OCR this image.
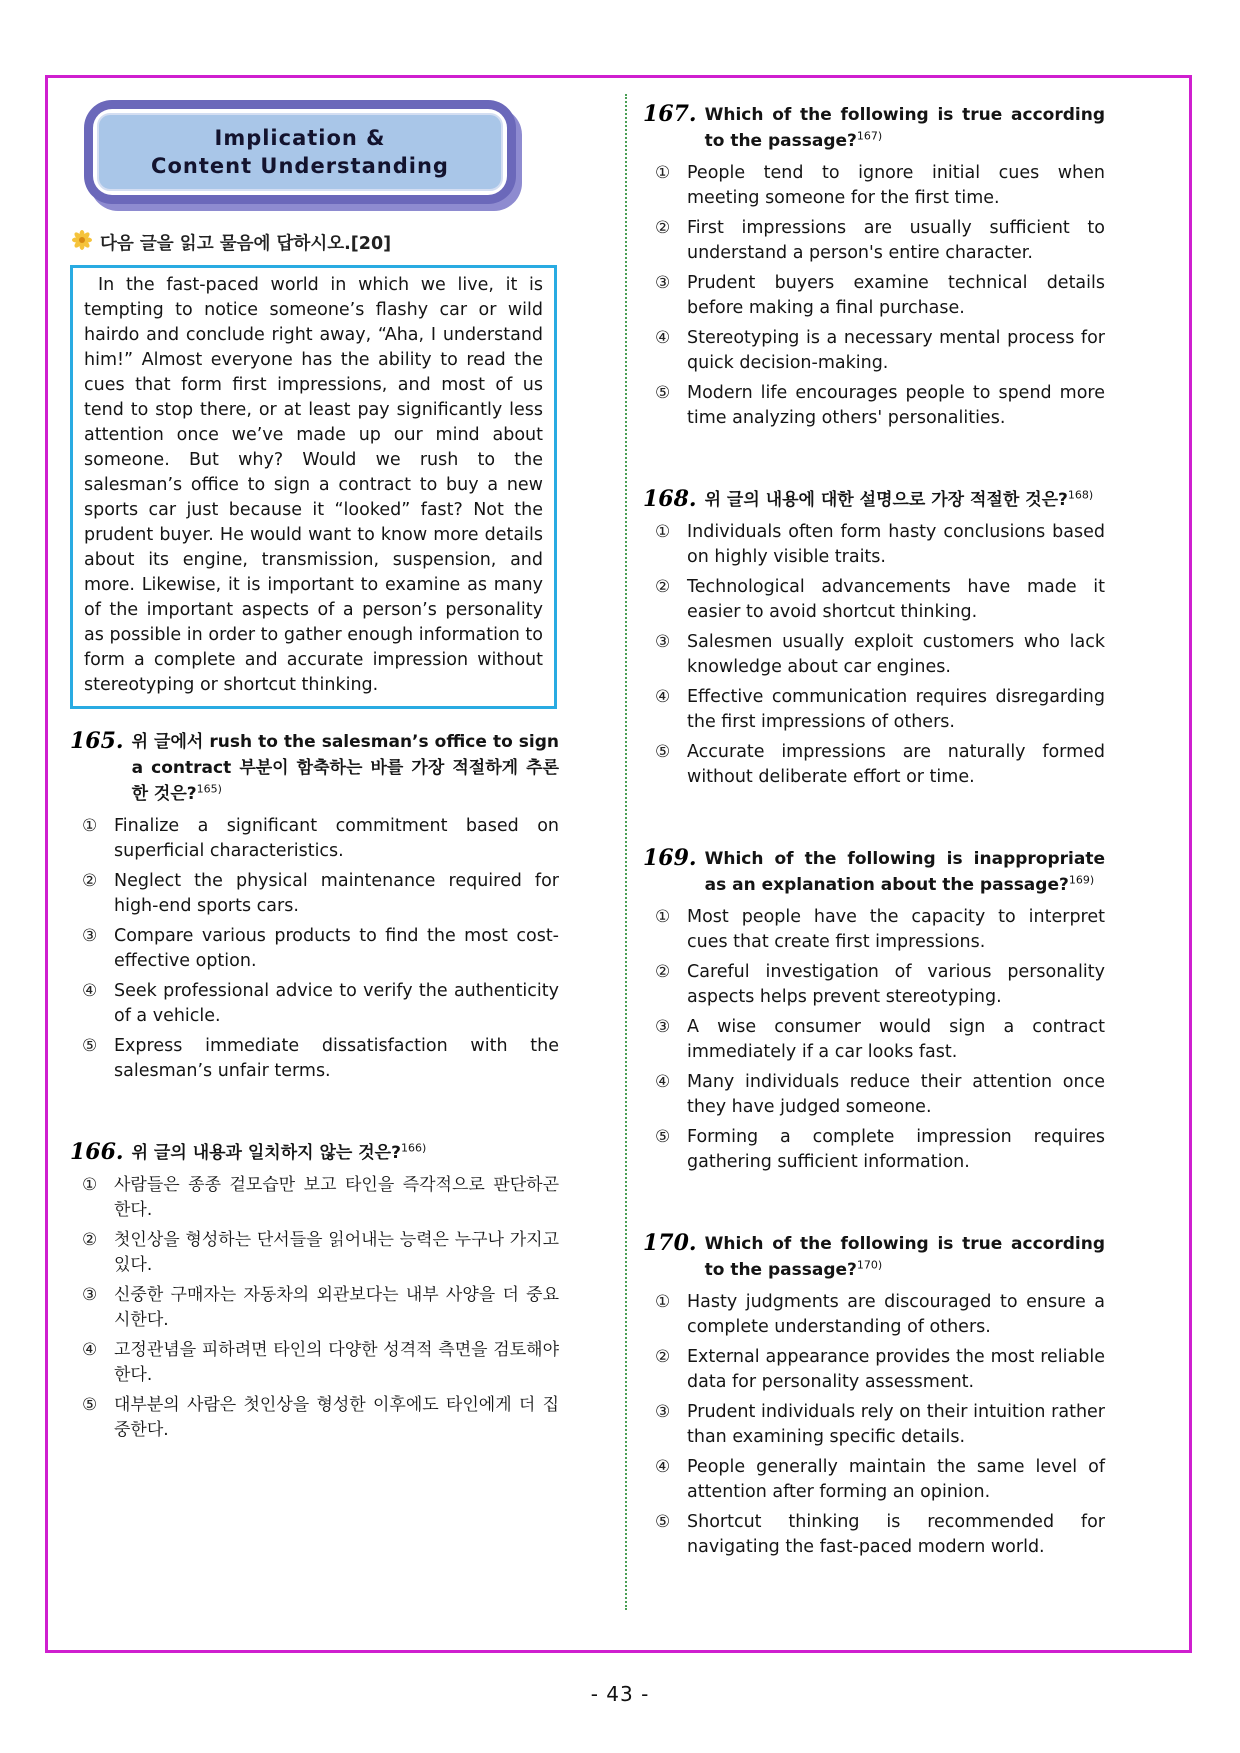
Implication &
Content Understanding
다음 글을 읽고 물음에 답하시오.[20]
In the fast-paced world in which we live, it is tempting to notice someone’s flashy car or wild hairdo and conclude right away, “Aha, I understand him!” Almost everyone has the ability to read the cues that form first impressions, and most of us tend to stop there, or at least pay significantly less attention once we’ve made up our mind about someone. But why? Would we rush to the salesman’s office to sign a contract to buy a new sports car just because it “looked” fast? Not the prudent buyer. He would want to know more details about its engine, transmission, suspension, and more. Likewise, it is important to examine as many of the important aspects of a person’s personality as possible in order to gather enough information to form a complete and accurate impression without stereotyping or shortcut thinking.
165. 위 글에서 rush to the salesman’s office to sign a contract 부분이 함축하는 바를 가장 적절하게 추론한 것은?$^{165)}$
① Finalize a significant commitment based on superficial characteristics.
② Neglect the physical maintenance required for high-end sports cars.
③ Compare various products to find the most cost-effective option.
④ Seek professional advice to verify the authenticity of a vehicle.
⑤ Express immediate dissatisfaction with the salesman’s unfair terms.
166. 위 글의 내용과 일치하지 않는 것은?$^{166)}$
① 사람들은 종종 겉모습만 보고 타인을 즉각적으로 판단하곤 한다.
② 첫인상을 형성하는 단서들을 읽어내는 능력은 누구나 가지고 있다.
③ 신중한 구매자는 자동차의 외관보다는 내부 사양을 더 중요시한다.
④ 고정관념을 피하려면 타인의 다양한 성격적 측면을 검토해야 한다.
⑤ 대부분의 사람은 첫인상을 형성한 이후에도 타인에게 더 집중한다.
167. Which of the following is true according to the passage?$^{167)}$
① People tend to ignore initial cues when meeting someone for the first time.
② First impressions are usually sufficient to understand a person's entire character.
③ Prudent buyers examine technical details before making a final purchase.
④ Stereotyping is a necessary mental process for quick decision-making.
⑤ Modern life encourages people to spend more time analyzing others' personalities.
168. 위 글의 내용에 대한 설명으로 가장 적절한 것은?$^{168)}$
① Individuals often form hasty conclusions based on highly visible traits.
② Technological advancements have made it easier to avoid shortcut thinking.
③ Salesmen usually exploit customers who lack knowledge about car engines.
④ Effective communication requires disregarding the first impressions of others.
⑤ Accurate impressions are naturally formed without deliberate effort or time.
169. Which of the following is inappropriate as an explanation about the passage?$^{169)}$
① Most people have the capacity to interpret cues that create first impressions.
② Careful investigation of various personality aspects helps prevent stereotyping.
③ A wise consumer would sign a contract immediately if a car looks fast.
④ Many individuals reduce their attention once they have judged someone.
⑤ Forming a complete impression requires gathering sufficient information.
170. Which of the following is true according to the passage?$^{170)}$
① Hasty judgments are discouraged to ensure a complete understanding of others.
② External appearance provides the most reliable data for personality assessment.
③ Prudent individuals rely on their intuition rather than examining specific details.
④ People generally maintain the same level of attention after forming an opinion.
⑤ Shortcut thinking is recommended for navigating the fast-paced modern world.
- 43 -
